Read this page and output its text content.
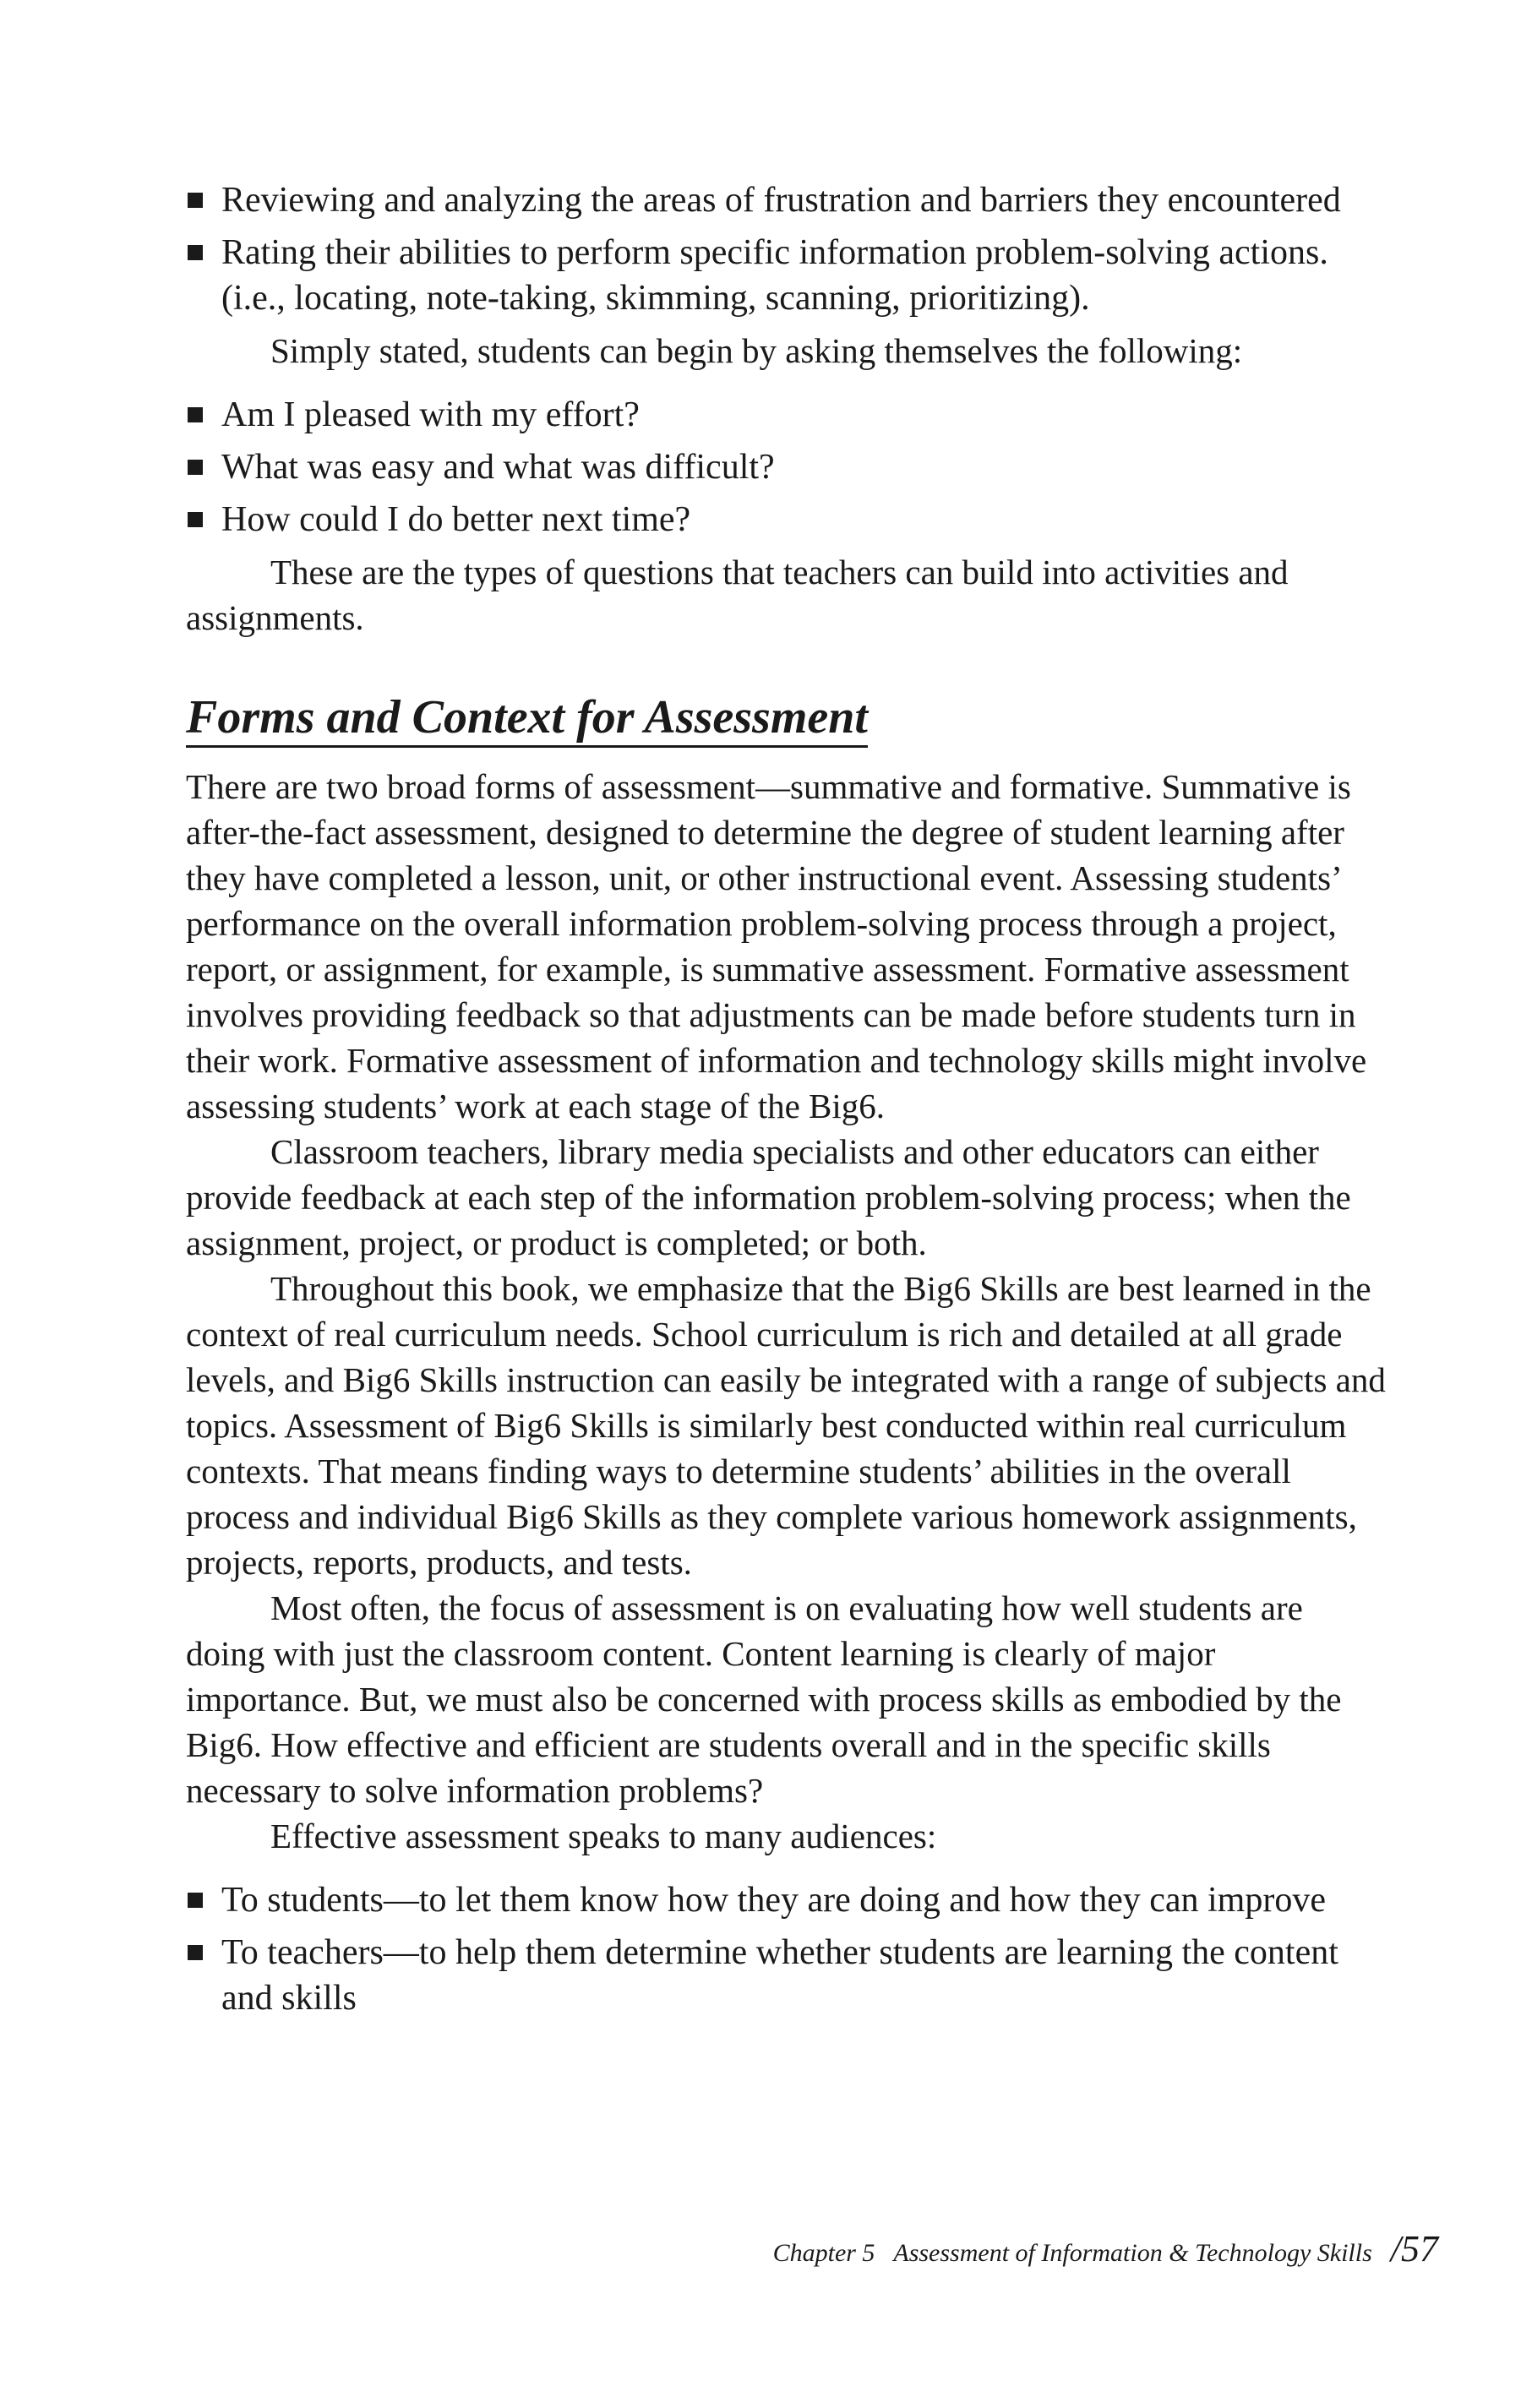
Reviewing and analyzing the areas of frustration and barriers they encountered
Rating their abilities to perform specific information problem-solving actions. (i.e., locating, note-taking, skimming, scanning, prioritizing).

Simply stated, students can begin by asking themselves the following:

Am I pleased with my effort?
What was easy and what was difficult?
How could I do better next time?

These are the types of questions that teachers can build into activities and assignments.

Forms and Context for Assessment

There are two broad forms of assessment—summative and formative. Summative is after-the-fact assessment, designed to determine the degree of student learning after they have completed a lesson, unit, or other instructional event. Assessing students’ performance on the overall information problem-solving process through a project, report, or assignment, for example, is summative assessment. Formative assessment involves providing feedback so that adjustments can be made before students turn in their work. Formative assessment of information and technology skills might involve assessing students’ work at each stage of the Big6.

Classroom teachers, library media specialists and other educators can either provide feedback at each step of the information problem-solving process; when the assignment, project, or product is completed; or both.

Throughout this book, we emphasize that the Big6 Skills are best learned in the context of real curriculum needs. School curriculum is rich and detailed at all grade levels, and Big6 Skills instruction can easily be integrated with a range of subjects and topics. Assessment of Big6 Skills is similarly best conducted within real curriculum contexts. That means finding ways to determine students’ abilities in the overall process and individual Big6 Skills as they complete various homework assignments, projects, reports, products, and tests.

Most often, the focus of assessment is on evaluating how well students are doing with just the classroom content. Content learning is clearly of major importance. But, we must also be concerned with process skills as embodied by the Big6. How effective and efficient are students overall and in the specific skills necessary to solve information problems?

Effective assessment speaks to many audiences:

To students—to let them know how they are doing and how they can improve
To teachers—to help them determine whether students are learning the content and skills
Chapter 5   Assessment of Information & Technology Skills /57
